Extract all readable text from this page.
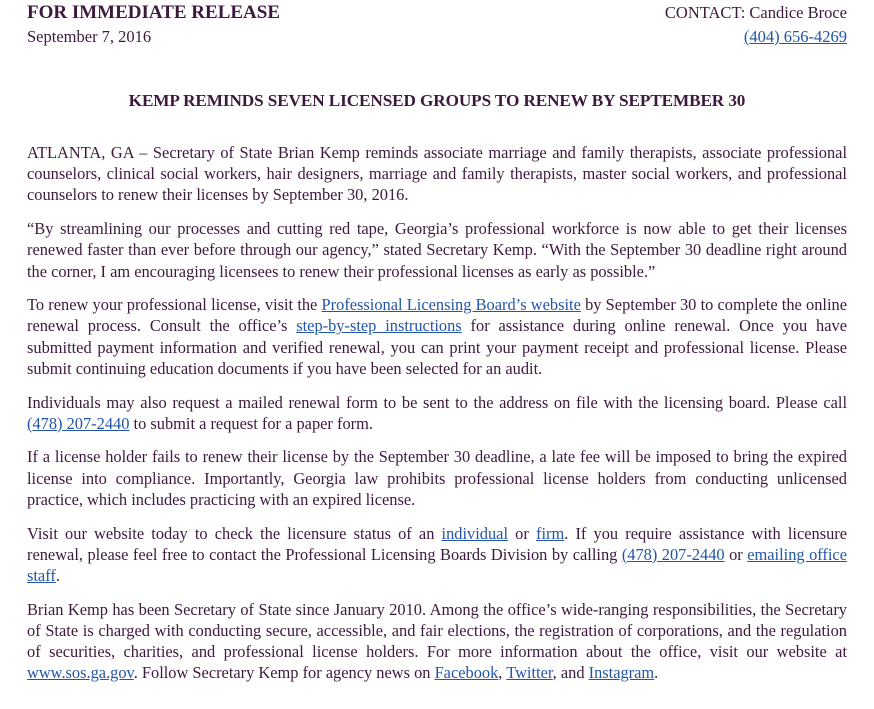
FOR IMMEDIATE RELEASE
September 7, 2016
CONTACT: Candice Broce
(404) 656-4269
KEMP REMINDS SEVEN LICENSED GROUPS TO RENEW BY SEPTEMBER 30

ATLANTA, GA – Secretary of State Brian Kemp reminds associate marriage and family therapists, associate professional counselors, clinical social workers, hair designers, marriage and family therapists, master social workers, and professional counselors to renew their licenses by September 30, 2016.

“By streamlining our processes and cutting red tape, Georgia’s professional workforce is now able to get their licenses renewed faster than ever before through our agency,” stated Secretary Kemp. “With the September 30 deadline right around the corner, I am encouraging licensees to renew their professional licenses as early as possible.”

To renew your professional license, visit the Professional Licensing Board’s website by September 30 to complete the online renewal process. Consult the office’s step-by-step instructions for assistance during online renewal. Once you have submitted payment information and verified renewal, you can print your payment receipt and professional license. Please submit continuing education documents if you have been selected for an audit.

Individuals may also request a mailed renewal form to be sent to the address on file with the licensing board. Please call (478) 207-2440 to submit a request for a paper form.

If a license holder fails to renew their license by the September 30 deadline, a late fee will be imposed to bring the expired license into compliance. Importantly, Georgia law prohibits professional license holders from conducting unlicensed practice, which includes practicing with an expired license.

Visit our website today to check the licensure status of an individual or firm. If you require assistance with licensure renewal, please feel free to contact the Professional Licensing Boards Division by calling (478) 207-2440 or emailing office staff.

Brian Kemp has been Secretary of State since January 2010. Among the office’s wide-ranging responsibilities, the Secretary of State is charged with conducting secure, accessible, and fair elections, the registration of corporations, and the regulation of securities, charities, and professional license holders. For more information about the office, visit our website at www.sos.ga.gov. Follow Secretary Kemp for agency news on Facebook, Twitter, and Instagram.
